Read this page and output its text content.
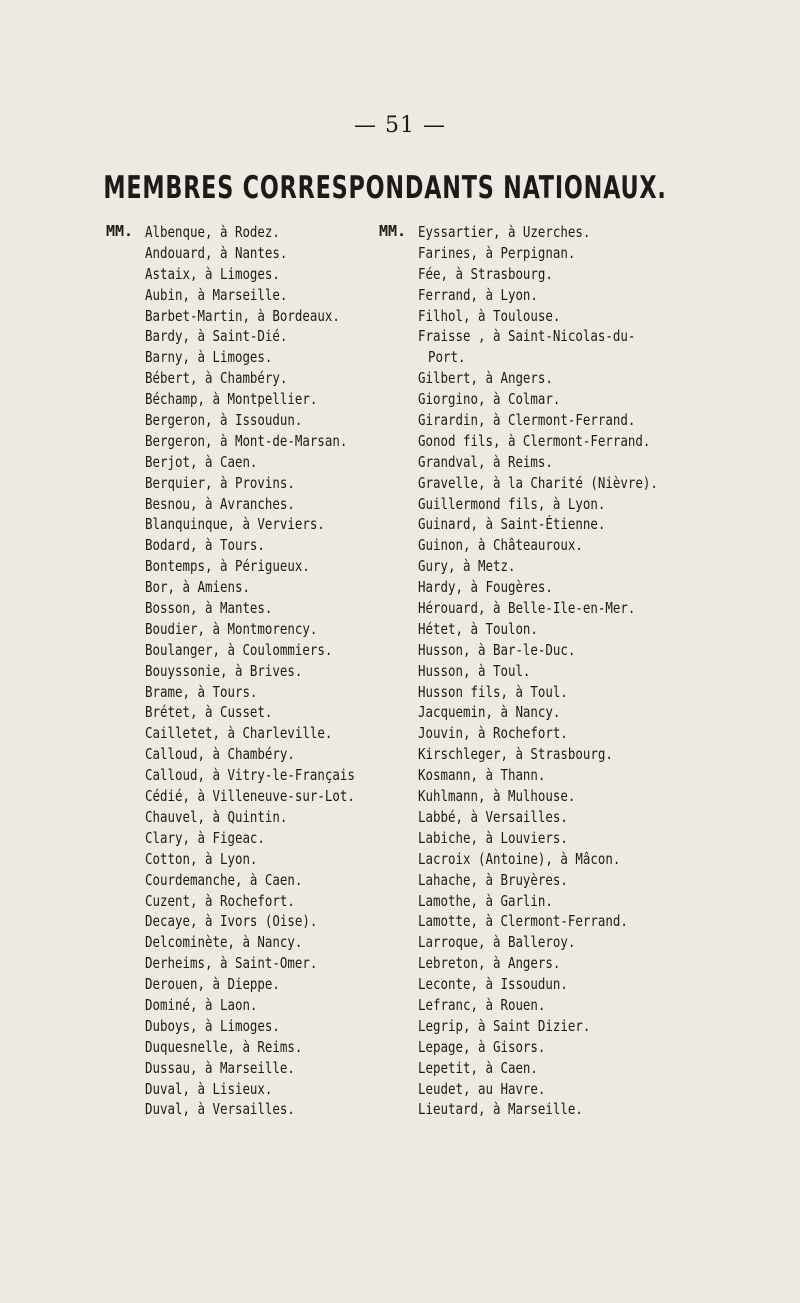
— 51 —
MEMBRES CORRESPONDANTS NATIONAUX.
MM. Albenque, à Rodez.
Andouard, à Nantes.
Astaix, à Limoges.
Aubin, à Marseille.
Barbet-Martin, à Bordeaux.
Bardy, à Saint-Dié.
Barny, à Limoges.
Bébert, à Chambéry.
Béchamp, à Montpellier.
Bergeron, à Issoudun.
Bergeron, à Mont-de-Marsan.
Berjot, à Caen.
Berquier, à Provins.
Besnou, à Avranches.
Blanquinque, à Verviers.
Bodard, à Tours.
Bontemps, à Périgueux.
Bor, à Amiens.
Bosson, à Mantes.
Boudier, à Montmorency.
Boulanger, à Coulommiers.
Bouyssonie, à Brives.
Brame, à Tours.
Brétet, à Cusset.
Cailletet, à Charleville.
Calloud, à Chambéry.
Calloud, à Vitry-le-Français
Cédié, à Villeneuve-sur-Lot.
Chauvel, à Quintin.
Clary, à Figeac.
Cotton, à Lyon.
Courdemanche, à Caen.
Cuzent, à Rochefort.
Decaye, à Ivors (Oise).
Delcominète, à Nancy.
Derheims, à Saint-Omer.
Derouen, à Dieppe.
Dominé, à Laon.
Duboys, à Limoges.
Duquesnelle, à Reims.
Dussau, à Marseille.
Duval, à Lisieux.
Duval, à Versailles.
MM. Eyssartier, à Uzerches.
Farines, à Perpignan.
Fée, à Strasbourg.
Ferrand, à Lyon.
Filhol, à Toulouse.
Fraisse , à Saint-Nicolas-du-
Port.
Gilbert, à Angers.
Giorgino, à Colmar.
Girardin, à Clermont-Ferrand.
Gonod fils, à Clermont-Ferrand.
Grandval, à Reims.
Gravelle, à la Charité (Nièvre).
Guillermond fils, à Lyon.
Guinard, à Saint-Étienne.
Guinon, à Châteauroux.
Gury, à Metz.
Hardy, à Fougères.
Hérouard, à Belle-Ile-en-Mer.
Hétet, à Toulon.
Husson, à Bar-le-Duc.
Husson, à Toul.
Husson fils, à Toul.
Jacquemin, à Nancy.
Jouvin, à Rochefort.
Kirschleger, à Strasbourg.
Kosmann, à Thann.
Kuhlmann, à Mulhouse.
Labbé, à Versailles.
Labiche, à Louviers.
Lacroix (Antoine), à Mâcon.
Lahache, à Bruyères.
Lamothe, à Garlin.
Lamotte, à Clermont-Ferrand.
Larroque, à Balleroy.
Lebreton, à Angers.
Leconte, à Issoudun.
Lefranc, à Rouen.
Legrip, à Saint Dizier.
Lepage, à Gisors.
Lepetit, à Caen.
Leudet, au Havre.
Lieutard, à Marseille.
